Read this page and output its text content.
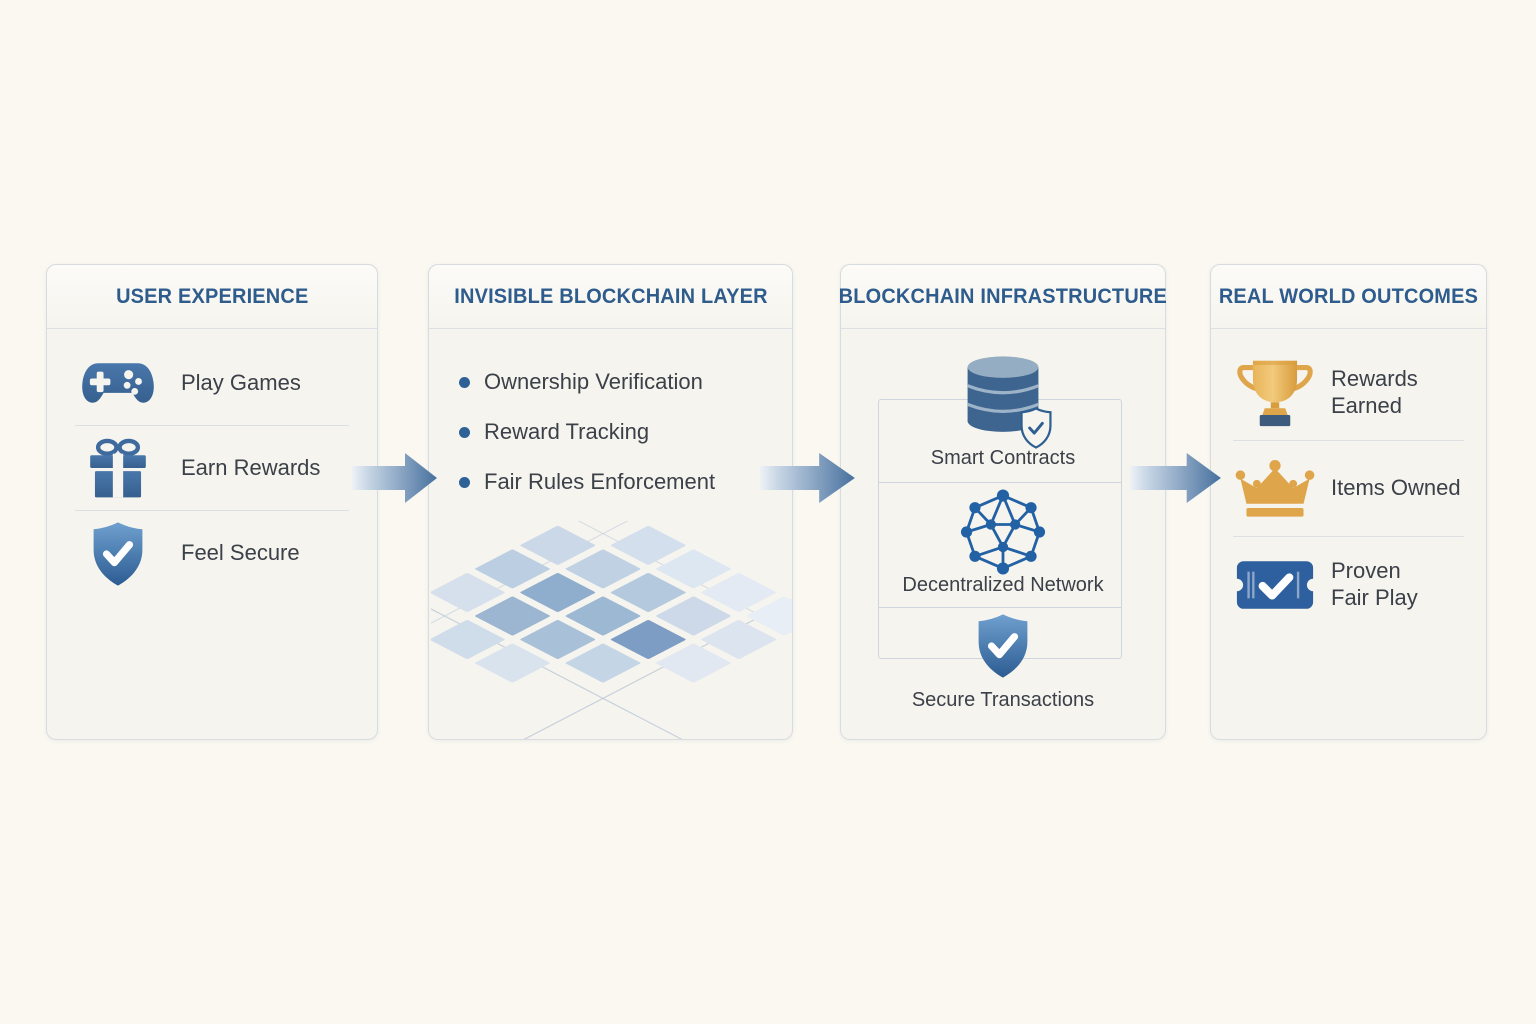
USER EXPERIENCE
Play Games
Earn Rewards
Feel Secure
INVISIBLE BLOCKCHAIN LAYER
Ownership Verification
Reward Tracking
Fair Rules Enforcement
BLOCKCHAIN INFRASTRUCTURE
Smart Contracts
Decentralized Network
Secure Transactions
REAL WORLD OUTCOMES
Rewards Earned
Items Owned
Proven Fair Play
